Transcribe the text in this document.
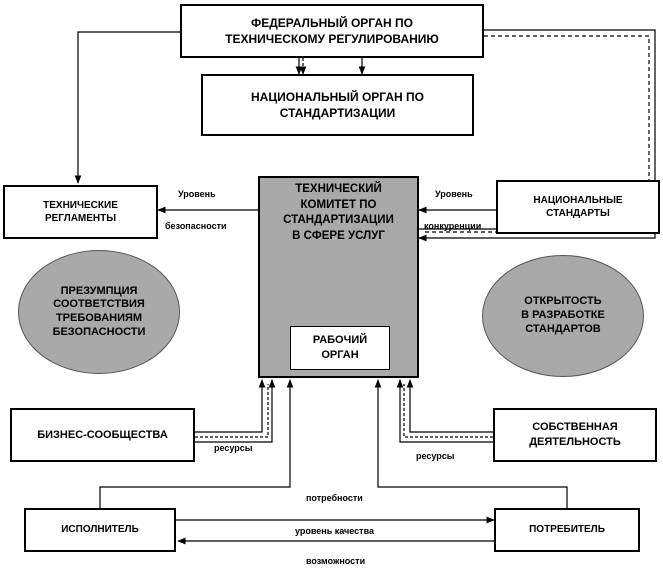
ФЕДЕРАЛЬНЫЙ ОРГАН ПО
ТЕХНИЧЕСКОМУ РЕГУЛИРОВАНИЮ
НАЦИОНАЛЬНЫЙ ОРГАН ПО
СТАНДАРТИЗАЦИИ
ТЕХНИЧЕСКИЕ
РЕГЛАМЕНТЫ
ТЕХНИЧЕСКИЙ
КОМИТЕТ ПО
СТАНДАРТИЗАЦИИ
В СФЕРЕ УСЛУГ
РАБОЧИЙ
ОРГАН
НАЦИОНАЛЬНЫЕ
СТАНДАРТЫ
БИЗНЕС-СООБЩЕСТВА
СОБСТВЕННАЯ
ДЕЯТЕЛЬНОСТЬ
ИСПОЛНИТЕЛЬ	ПОТРЕБИТЕЛЬ
ПРЕЗУМПЦИЯ
СООТВЕТСТВИЯ
ТРЕБОВАНИЯМ
БЕЗОПАСНОСТИ
ОТКРЫТОСТЬ
В РАЗРАБОТКЕ
СТАНДАРТОВ
Уровень
безопасности
Уровень
конкуренции
ресурсы
ресурсы
потребности
уровень качества
возможности
